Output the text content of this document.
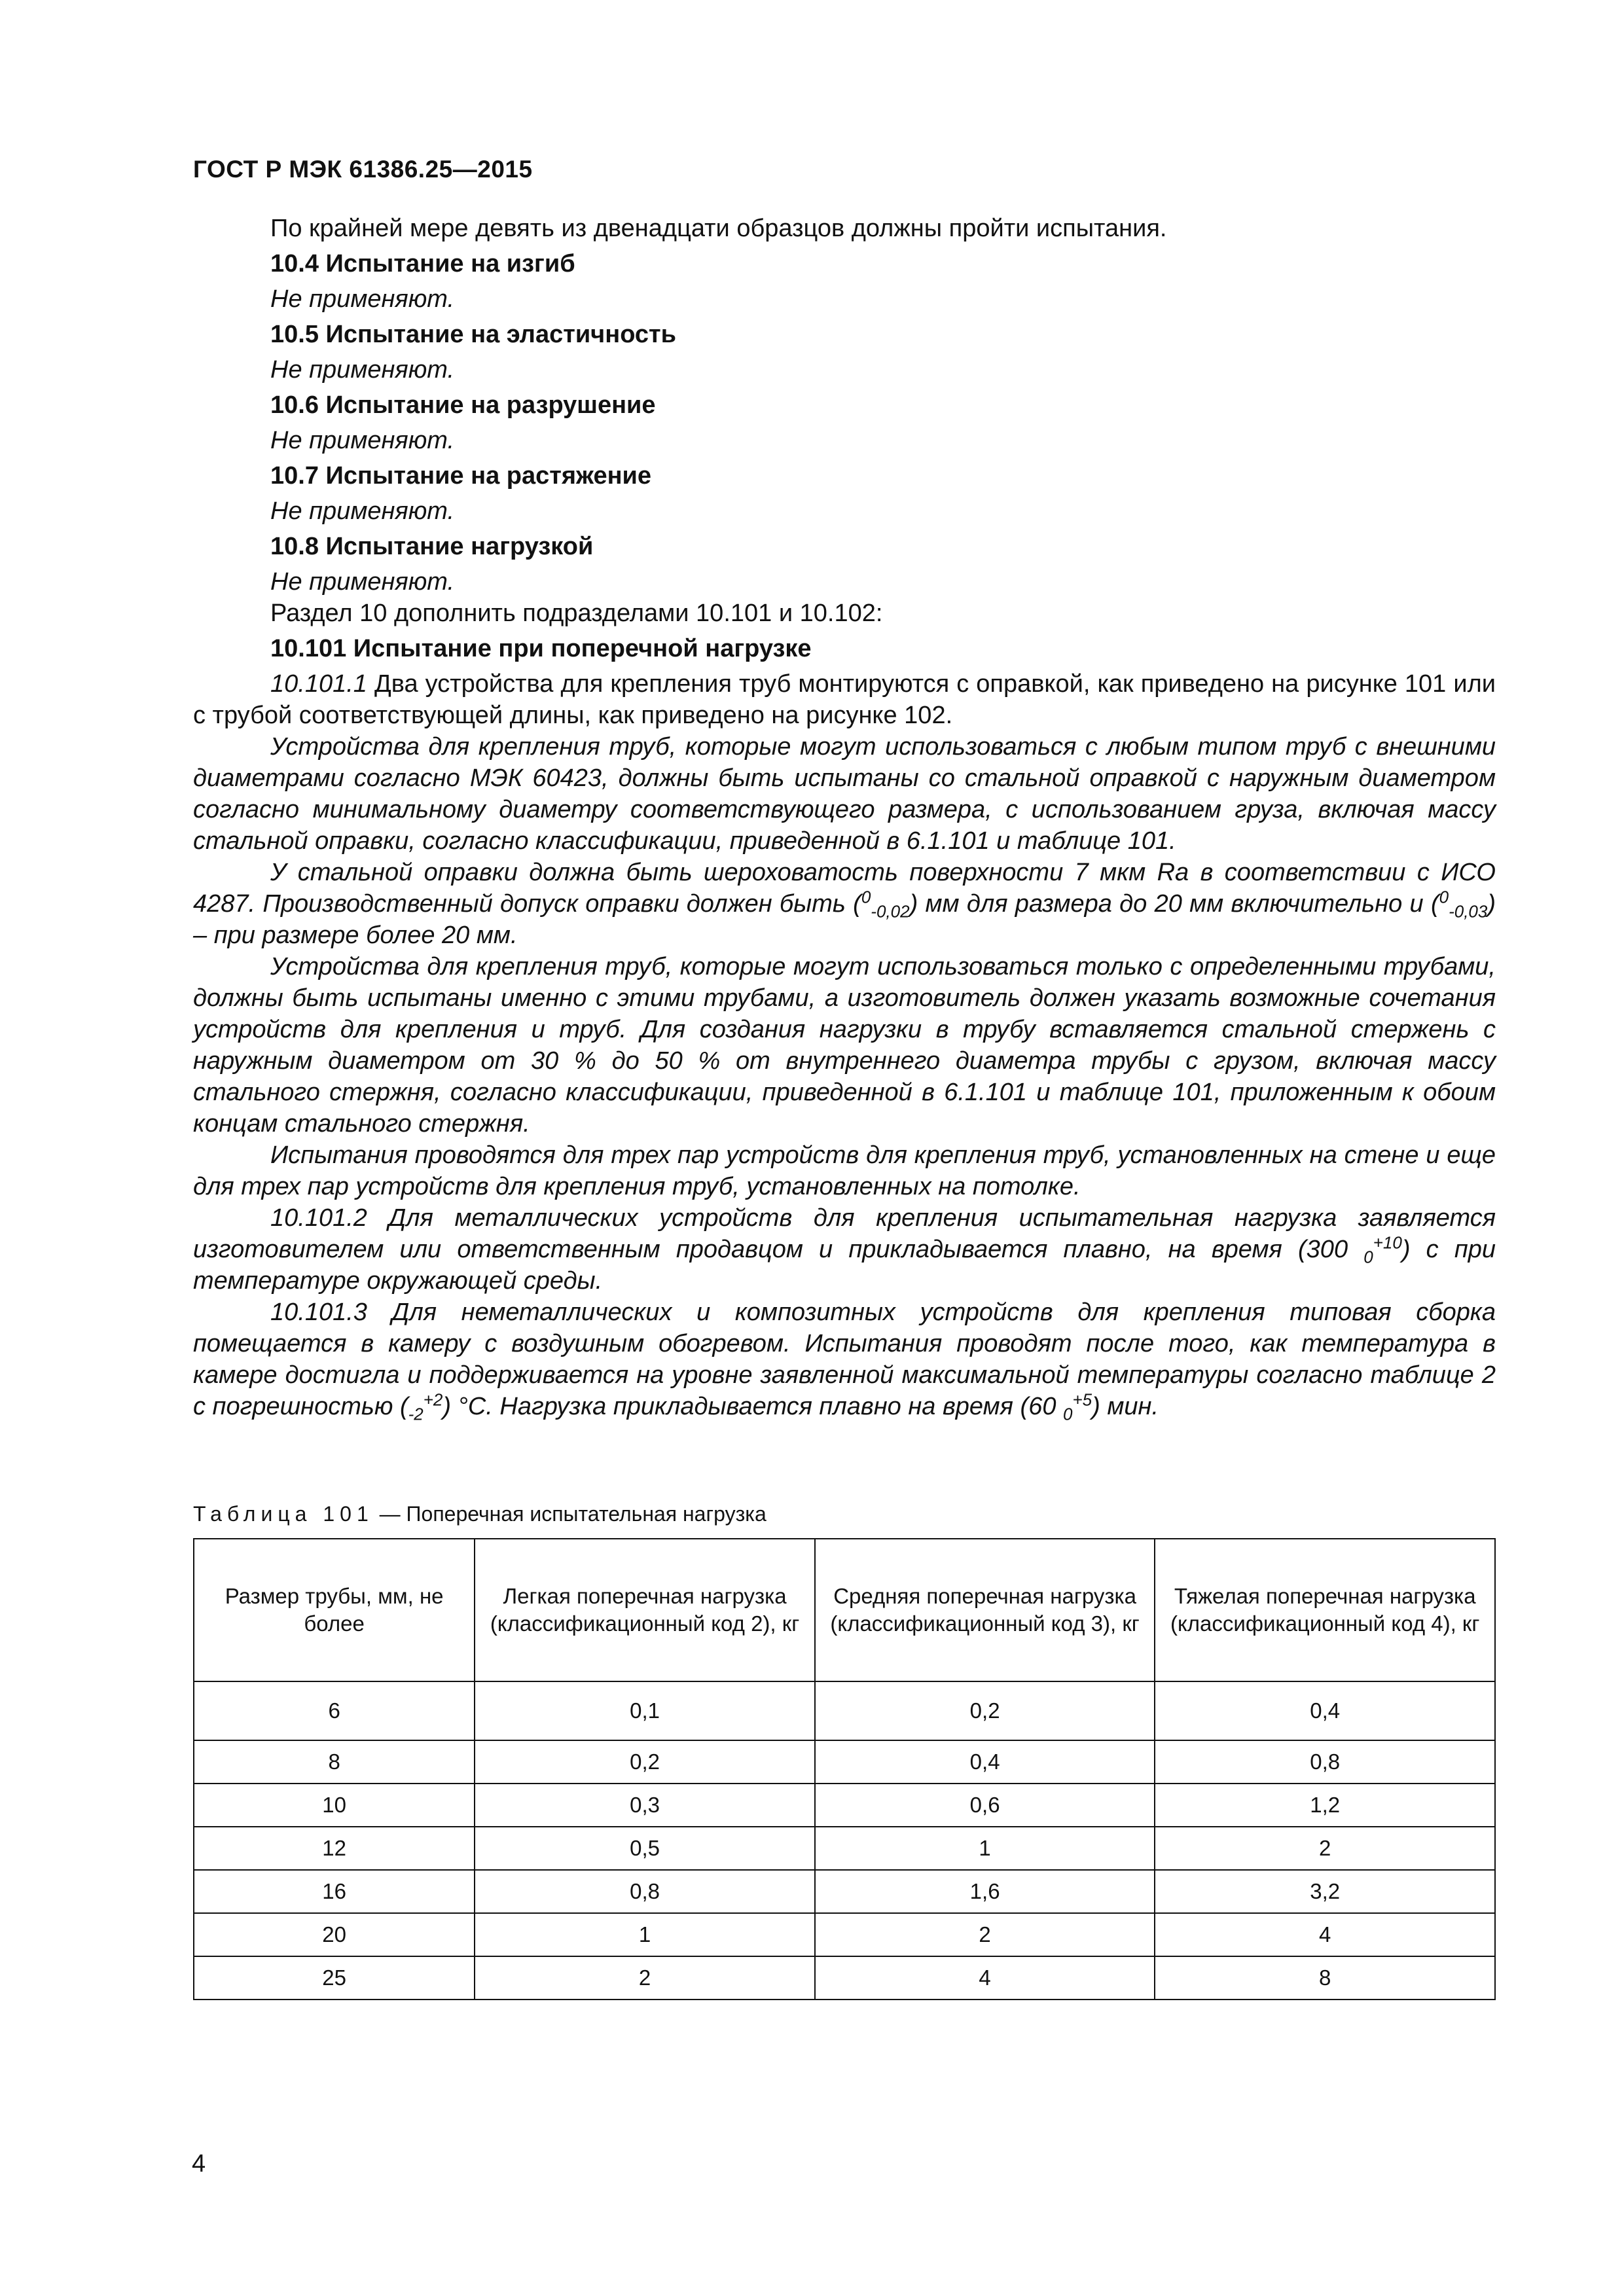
ГОСТ Р МЭК 61386.25—2015

По крайней мере девять из двенадцати образцов должны пройти испытания.

10.4 Испытание на изгиб

Не применяют.

10.5 Испытание на эластичность

Не применяют.

10.6 Испытание на разрушение

Не применяют.

10.7 Испытание на растяжение

Не применяют.

10.8 Испытание нагрузкой

Не применяют.

Раздел 10 дополнить подразделами 10.101 и 10.102:

10.101 Испытание при поперечной нагрузке

10.101.1 Два устройства для крепления труб монтируются с оправкой, как приведено на рисунке 101 или с трубой соответствующей длины, как приведено на рисунке 102.

Устройства для крепления труб, которые могут использоваться с любым типом труб с внешними диаметрами согласно МЭК 60423, должны быть испытаны со стальной оправкой с наружным диаметром согласно минимальному диаметру соответствующего размера, с использованием груза, включая массу стальной оправки, согласно классификации, приведенной в 6.1.101 и таблице 101.

У стальной оправки должна быть шероховатость поверхности 7 мкм Ra в соответствии с ИСО 4287. Производственный допуск оправки должен быть ($^0_{-0,02}$) мм для размера до 20 мм включительно и ($^0_{-0,03}$) – при размере более 20 мм.

Устройства для крепления труб, которые могут использоваться только с определенными трубами, должны быть испытаны именно с этими трубами, а изготовитель должен указать возможные сочетания устройств для крепления и труб. Для создания нагрузки в трубу вставляется стальной стержень с наружным диаметром от 30 % до 50 % от внутреннего диаметра трубы с грузом, включая массу стального стержня, согласно классификации, приведенной в 6.1.101 и таблице 101, приложенным к обоим концам стального стержня.

Испытания проводятся для трех пар устройств для крепления труб, установленных на стене и еще для трех пар устройств для крепления труб, установленных на потолке.

10.101.2 Для металлических устройств для крепления испытательная нагрузка заявляется изготовителем или ответственным продавцом и прикладывается плавно, на время (300 $_0^{+10}$) с при температуре окружающей среды.

10.101.3 Для неметаллических и композитных устройств для крепления типовая сборка помещается в камеру с воздушным обогревом. Испытания проводят после того, как температура в камере достигла и поддерживается на уровне заявленной максимальной температуры согласно таблице 2 с погрешностью $(_{-2}^{+2})$ °С. Нагрузка прикладывается плавно на время (60 $_0^{+5}$) мин.

Таблица 101 — Поперечная испытательная нагрузка
Размер трубы, мм, не более	Легкая поперечная нагрузка (классификационный код 2), кг	Средняя поперечная нагрузка (классификационный код 3), кг	Тяжелая поперечная нагрузка (классификационный код 4), кг
6	0,1	0,2	0,4
8	0,2	0,4	0,8
10	0,3	0,6	1,2
12	0,5	1	2
16	0,8	1,6	3,2
20	1	2	4
25	2	4	8
4
